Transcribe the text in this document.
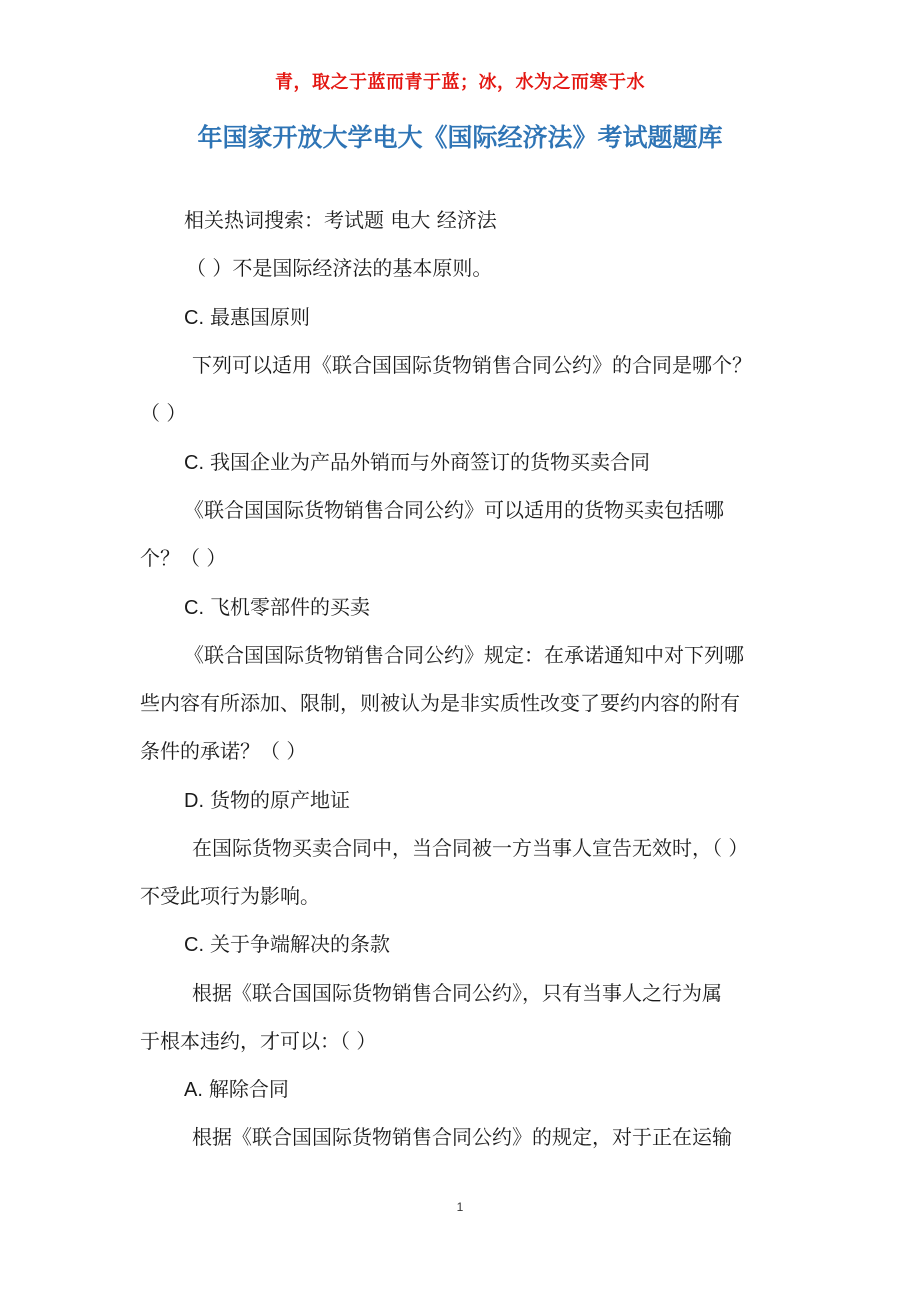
青，取之于蓝而青于蓝；冰，水为之而寒于水
年国家开放大学电大《国际经济法》考试题题库
相关热词搜索：考试题 电大 经济法
（ ）不是国际经济法的基本原则。
C. 最惠国原则
下列可以适用《联合国国际货物销售合同公约》的合同是哪个？
（ ）
C. 我国企业为产品外销而与外商签订的货物买卖合同
《联合国国际货物销售合同公约》可以适用的货物买卖包括哪
个？（ ）
C. 飞机零部件的买卖
《联合国国际货物销售合同公约》规定：在承诺通知中对下列哪
些内容有所添加、限制，则被认为是非实质性改变了要约内容的附有
条件的承诺？（ ）
D. 货物的原产地证
在国际货物买卖合同中，当合同被一方当事人宣告无效时，（ ）
不受此项行为影响。
C. 关于争端解决的条款
根据《联合国国际货物销售合同公约》，只有当事人之行为属
于根本违约，才可以：（ ）
A. 解除合同
根据《联合国国际货物销售合同公约》的规定，对于正在运输
1
